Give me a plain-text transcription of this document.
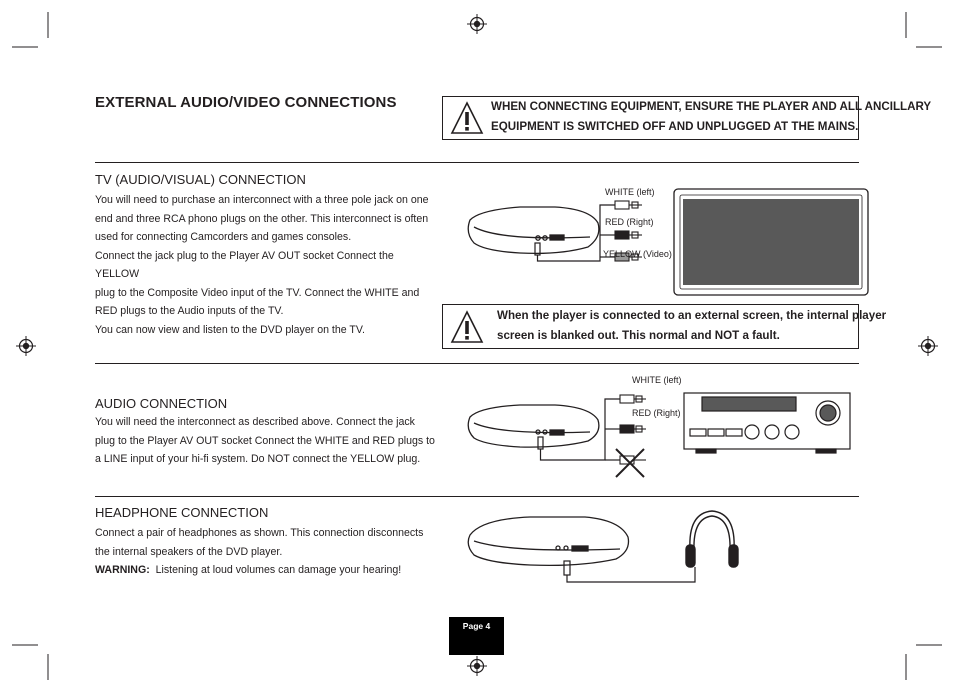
EXTERNAL AUDIO/VIDEO CONNECTIONS	WHEN CONNECTING EQUIPMENT, ENSURE THE PLAYER AND ALL ANCILLARY
EQUIPMENT IS SWITCHED OFF AND UNPLUGGED AT THE MAINS.
TV (AUDIO/VISUAL) CONNECTION
You will need to purchase an interconnect with a three pole jack on one
end and three RCA phono plugs on the other. This interconnect is often
used for connecting Camcorders and games consoles.
Connect the jack plug to the Player AV OUT socket Connect the YELLOW
plug to the Composite Video input of the TV. Connect the WHITE and
RED plugs to the Audio inputs of the TV.
You can now view and listen to the DVD player on the TV.
WHITE (left)
RED (Right)
YELLOW (Video)
When the player is connected to an external screen, the internal player
screen is blanked out. This normal and NOT a fault.
AUDIO CONNECTION
You will need the interconnect as described above. Connect the jack
plug to the Player AV OUT socket Connect the WHITE and RED plugs to
a LINE input of your hi-fi system. Do NOT connect the YELLOW plug.
WHITE (left)
RED (Right)
HEADPHONE CONNECTION
Connect a pair of headphones as shown. This connection disconnects
the internal speakers of the DVD player.
WARNING: Listening at loud volumes can damage your hearing!
Page 4
